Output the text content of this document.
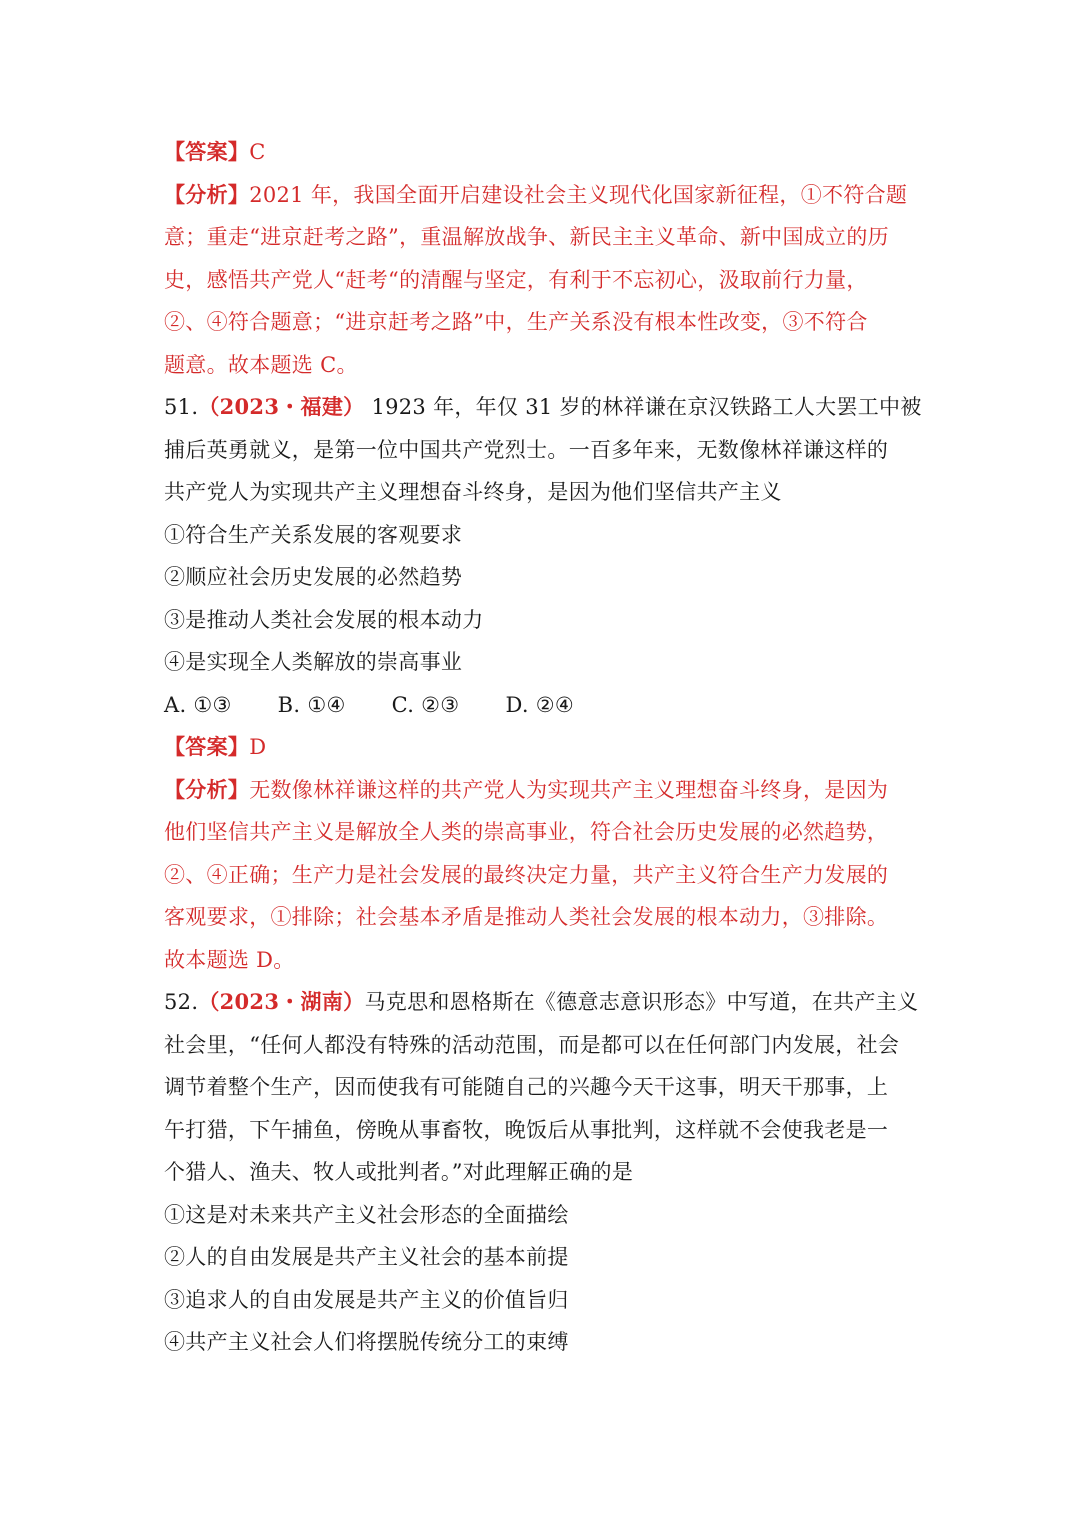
【答案】C
【分析】2021 年，我国全面开启建设社会主义现代化国家新征程，①不符合题
意；重走“进京赶考之路”，重温解放战争、新民主主义革命、新中国成立的历
史，感悟共产党人“赶考“的清醒与坚定，有利于不忘初心，汲取前行力量，
②、④符合题意；“进京赶考之路”中，生产关系没有根本性改变，③不符合
题意。故本题选 C。
51.（2023・福建） 1923 年，年仅 31 岁的林祥谦在京汉铁路工人大罢工中被
捕后英勇就义，是第一位中国共产党烈士。一百多年来，无数像林祥谦这样的
共产党人为实现共产主义理想奋斗终身，是因为他们坚信共产主义
①符合生产关系发展的客观要求
②顺应社会历史发展的必然趋势
③是推动人类社会发展的根本动力
④是实现全人类解放的崇高事业
A. ①③ B. ①④ C. ②③ D. ②④
【答案】D
【分析】无数像林祥谦这样的共产党人为实现共产主义理想奋斗终身，是因为
他们坚信共产主义是解放全人类的崇高事业，符合社会历史发展的必然趋势，
②、④正确；生产力是社会发展的最终决定力量，共产主义符合生产力发展的
客观要求，①排除；社会基本矛盾是推动人类社会发展的根本动力，③排除。
故本题选 D。
52.（2023・湖南）马克思和恩格斯在《德意志意识形态》中写道，在共产主义
社会里，“任何人都没有特殊的活动范围，而是都可以在任何部门内发展，社会
调节着整个生产，因而使我有可能随自己的兴趣今天干这事，明天干那事，上
午打猎，下午捕鱼，傍晚从事畜牧，晚饭后从事批判，这样就不会使我老是一
个猎人、渔夫、牧人或批判者。”对此理解正确的是
①这是对未来共产主义社会形态的全面描绘
②人的自由发展是共产主义社会的基本前提
③追求人的自由发展是共产主义的价值旨归
④共产主义社会人们将摆脱传统分工的束缚
